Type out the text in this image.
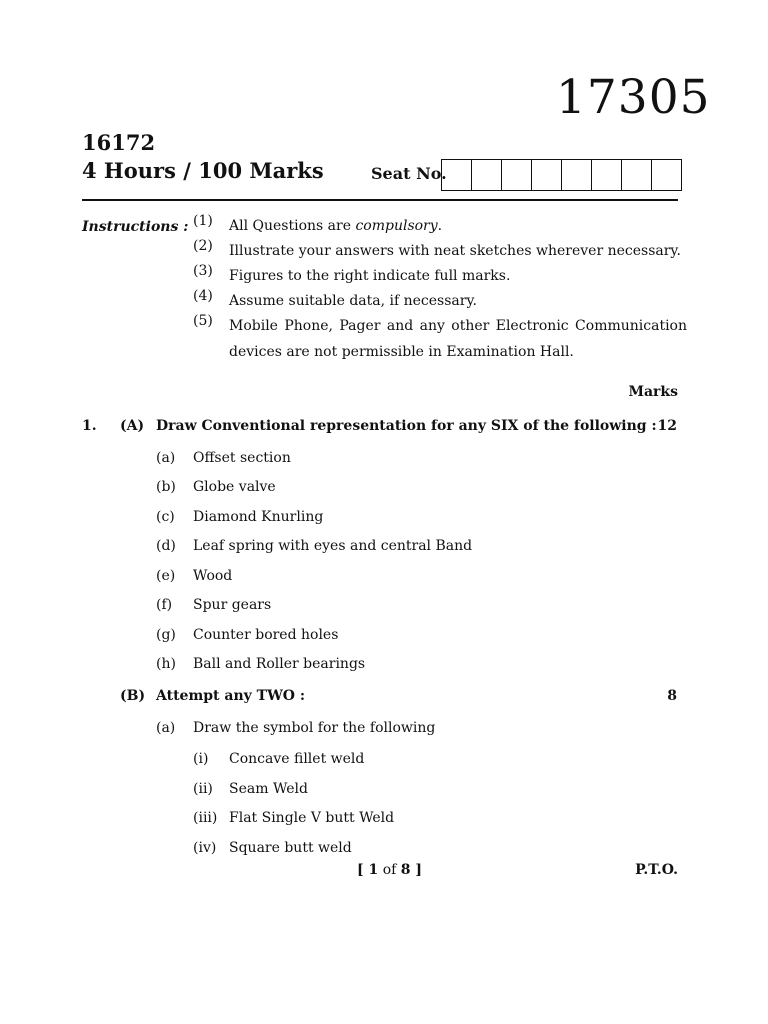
17305
16172
4 Hours / 100 Marks	Seat No.
Instructions : (1)	All Questions are compulsory.
(2)	Illustrate your answers with neat sketches wherever necessary.
(3)	Figures to the right indicate full marks.
(4)	Assume suitable data, if necessary.
(5)	Mobile Phone, Pager and any other Electronic Communication devices are not permissible in Examination Hall.
Marks
1. (A) Draw Conventional representation for any SIX of the following : 12
(a) Offset section
(b) Globe valve
(c) Diamond Knurling
(d) Leaf spring with eyes and central Band
(e) Wood
(f) Spur gears
(g) Counter bored holes
(h) Ball and Roller bearings
(B) Attempt any TWO :	8
(a) Draw the symbol for the following
(i) Concave fillet weld
(ii) Seam Weld
(iii) Flat Single V butt Weld
(iv) Square butt weld
[ 1 of 8 ]	P.T.O.
